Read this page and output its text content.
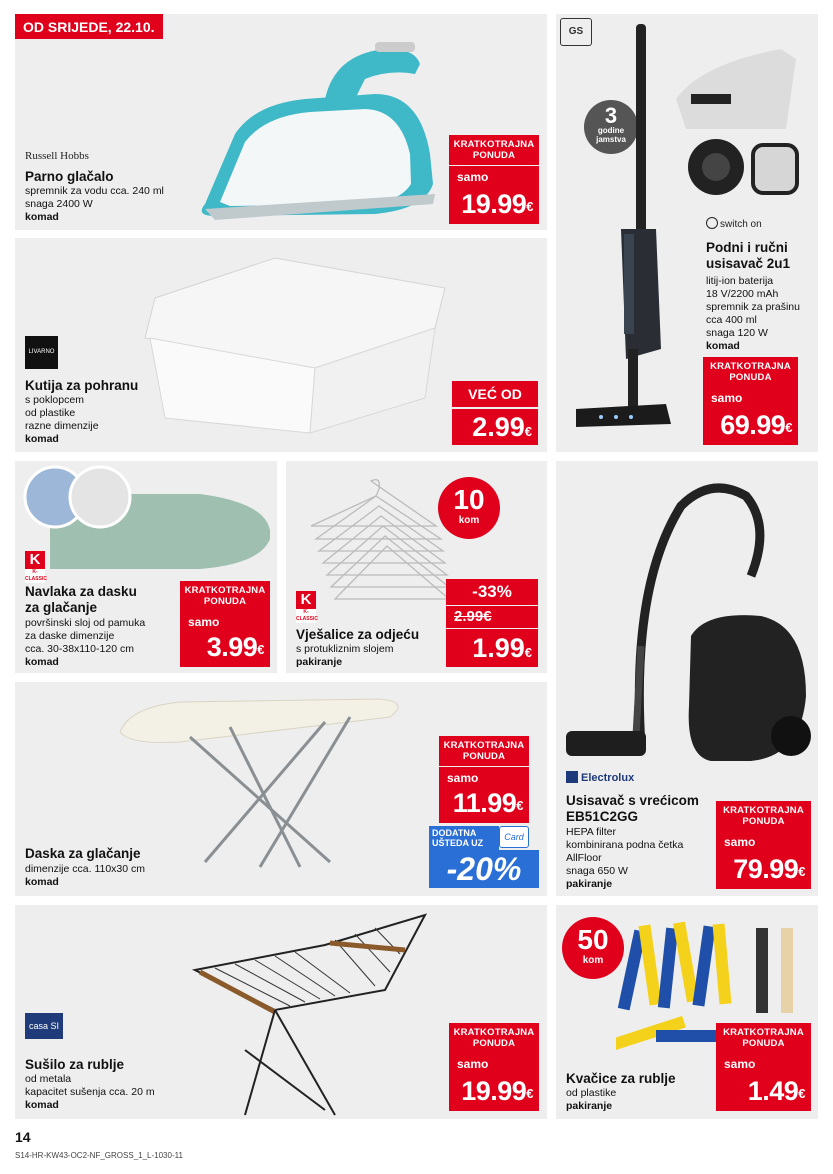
OD SRIJEDE, 22.10.
Russell Hobbs
Parno glačalo
spremnik za vodu cca. 240 ml
snaga 2400 W
komad
KRATKOTRAJNA PONUDA
samo
19.99€
LIVARNO
Kutija za pohranu
s poklopcem
od plastike
razne dimenzije
komad
VEĆ OD
2.99€
GS
3
godine jamstva
switch on
Podni i ručni usisavač 2u1
litij-ion baterija
18 V/2200 mAh
spremnik za prašinu
cca 400 ml
snaga 120 W
komad
KRATKOTRAJNA PONUDA
samo
69.99€
K
K-CLASSIC
Navlaka za dasku
za glačanje
površinski sloj od pamuka
za daske dimenzije
cca. 30-38x110-120 cm
komad
KRATKOTRAJNA PONUDA
samo
3.99€
10
kom
K
K-CLASSIC
Vješalice za odjeću
s protukliznim slojem
pakiranje
-33%
2.99€
1.99€
Electrolux
Usisavač s vrećicom
EB51C2GG
HEPA filter
kombinirana podna četka
AllFloor
snaga 650 W
pakiranje
KRATKOTRAJNA PONUDA
samo
79.99€
Daska za glačanje
dimenzije cca. 110x30 cm
komad
KRATKOTRAJNA PONUDA
samo
11.99€
DODATNA
UŠTEDA UZ
Card
-20%
casa SI
Sušilo za rublje
od metala
kapacitet sušenja cca. 20 m
komad
KRATKOTRAJNA PONUDA
samo
19.99€
50
kom
Kvačice za rublje
od plastike
pakiranje
KRATKOTRAJNA PONUDA
samo
1.49€
14
S14-HR-KW43-OC2-NF_GROSS_1_L-1030-11
